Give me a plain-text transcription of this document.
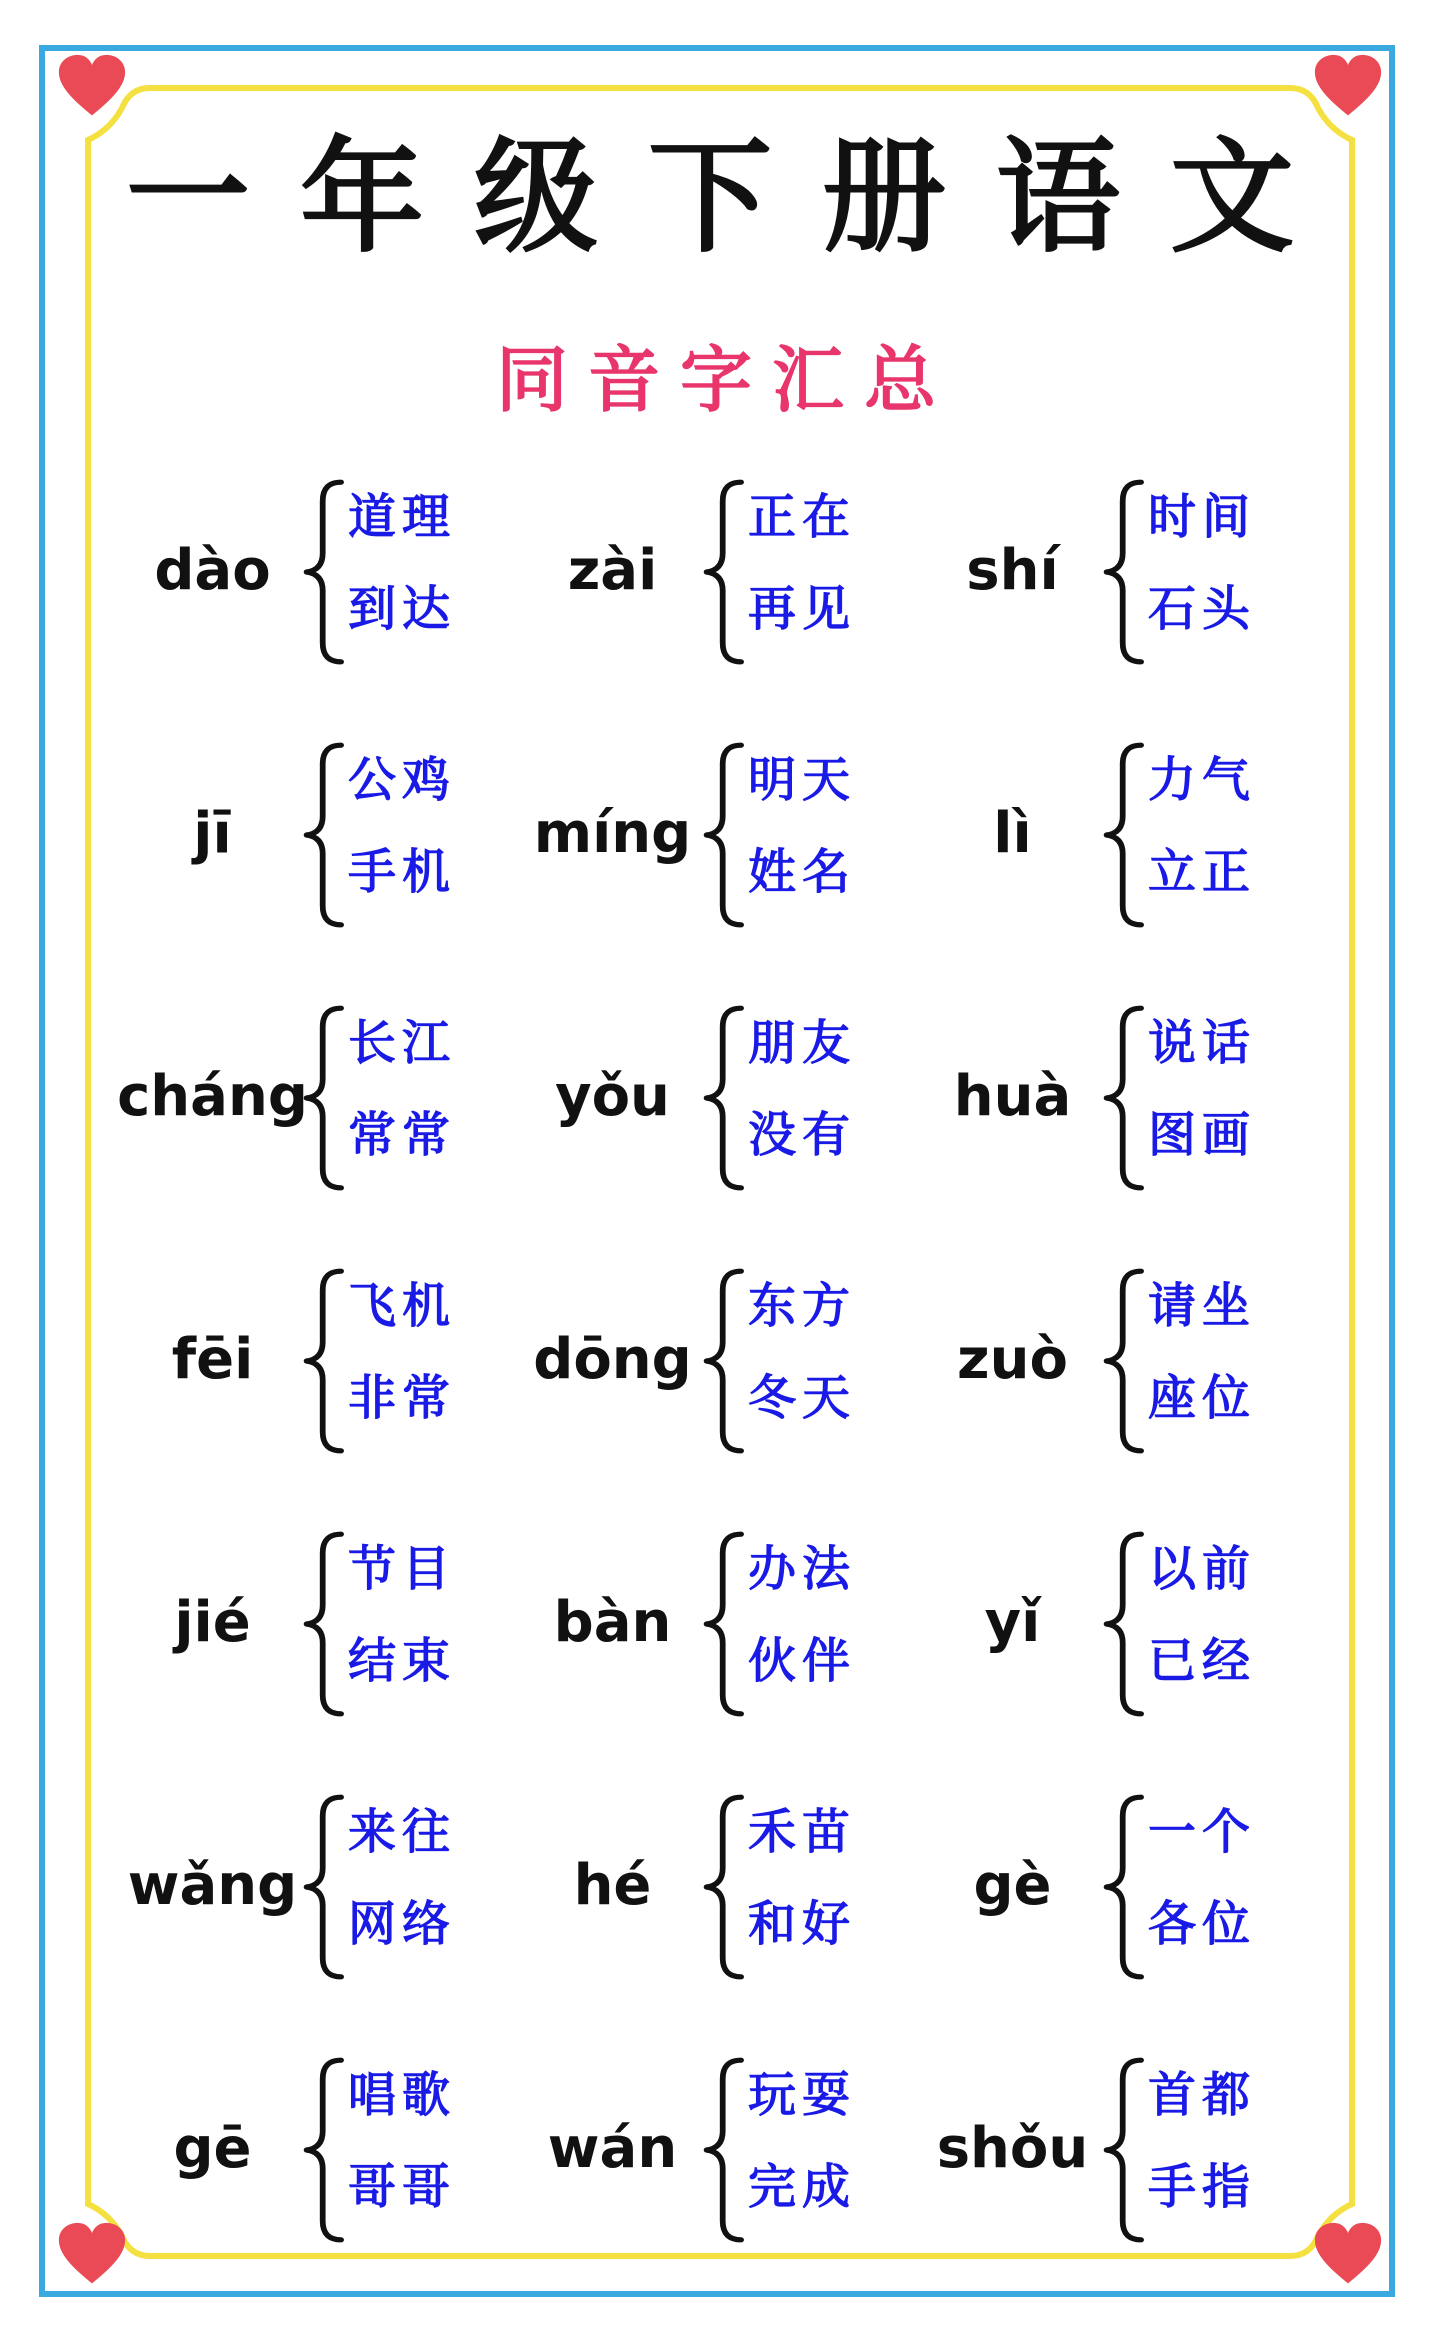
一年级下册语文
同音字汇总
dào
道理
到达
zài
正在
再见
shí
时间
石头
jī
公鸡
手机
míng
明天
姓名
lì
力气
立正
cháng
长江
常常
yǒu
朋友
没有
huà
说话
图画
fēi
飞机
非常
dōng
东方
冬天
zuò
请坐
座位
jié
节目
结束
bàn
办法
伙伴
yǐ
以前
已经
wǎng
来往
网络
hé
禾苗
和好
gè
一个
各位
gē
唱歌
哥哥
wán
玩耍
完成
shǒu
首都
手指
